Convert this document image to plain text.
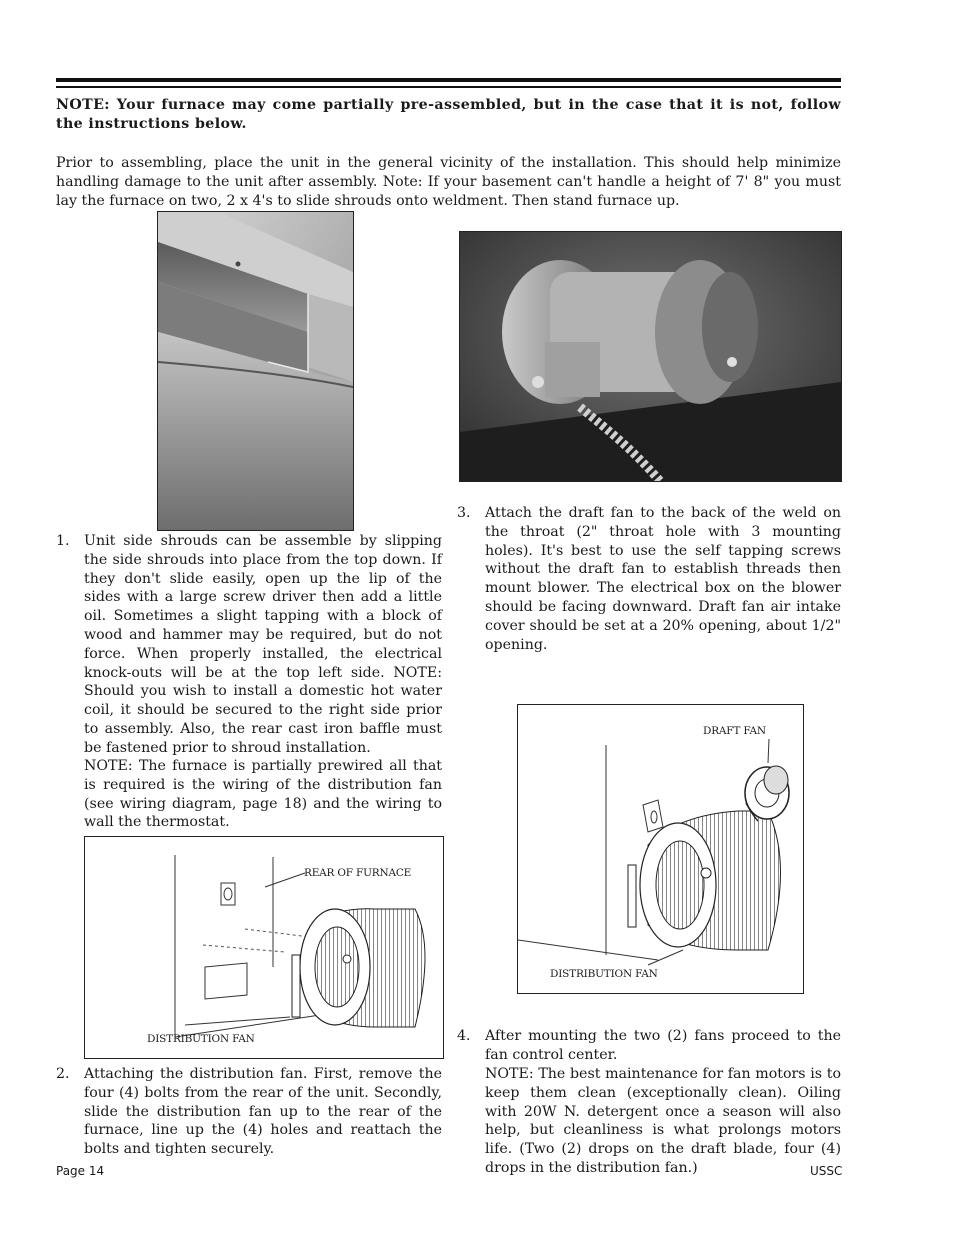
NOTE: Your furnace may come partially pre-assembled, but in the case that it is not, follow the instructions below.
Prior to assembling, place the unit in the general vicinity of the installation. This should help minimize handling damage to the unit after assembly. Note: If your basement can't handle a height of 7' 8" you must lay the furnace on two, 2 x 4's to slide shrouds onto weldment. Then stand furnace up.
1. Unit side shrouds can be assemble by slipping the side shrouds into place from the top down. If they don't slide easily, open up the lip of the sides with a large screw driver then add a little oil. Sometimes a slight tapping with a block of wood and hammer may be required, but do not force. When properly installed, the electrical knock-outs will be at the top left side. NOTE: Should you wish to install a domestic hot water coil, it should be secured to the right side prior to assembly. Also, the rear cast iron baffle must be fastened prior to shroud installation.
NOTE: The furnace is partially prewired all that is required is the wiring of the distribution fan (see wiring diagram, page 18) and the wiring to wall the thermostat.
3. Attach the draft fan to the back of the weld on the throat (2" throat hole with 3 mounting holes). It's best to use the self tapping screws without the draft fan to establish threads then mount blower. The electrical box on the blower should be facing downward. Draft fan air intake cover should be set at a 20% opening, about 1/2" opening.
REAR OF FURNACE
DISTRIBUTION FAN
2. Attaching the distribution fan. First, remove the four (4) bolts from the rear of the unit. Secondly, slide the distribution fan up to the rear of the furnace, line up the (4) holes and reattach the bolts and tighten securely.
DRAFT FAN
DISTRIBUTION FAN
4. After mounting the two (2) fans proceed to the fan control center.
NOTE: The best maintenance for fan motors is to keep them clean (exceptionally clean). Oiling with 20W N. detergent once a season will also help, but cleanliness is what prolongs motors life. (Two (2) drops on the draft blade, four (4) drops in the distribution fan.)
Page 14	USSC
